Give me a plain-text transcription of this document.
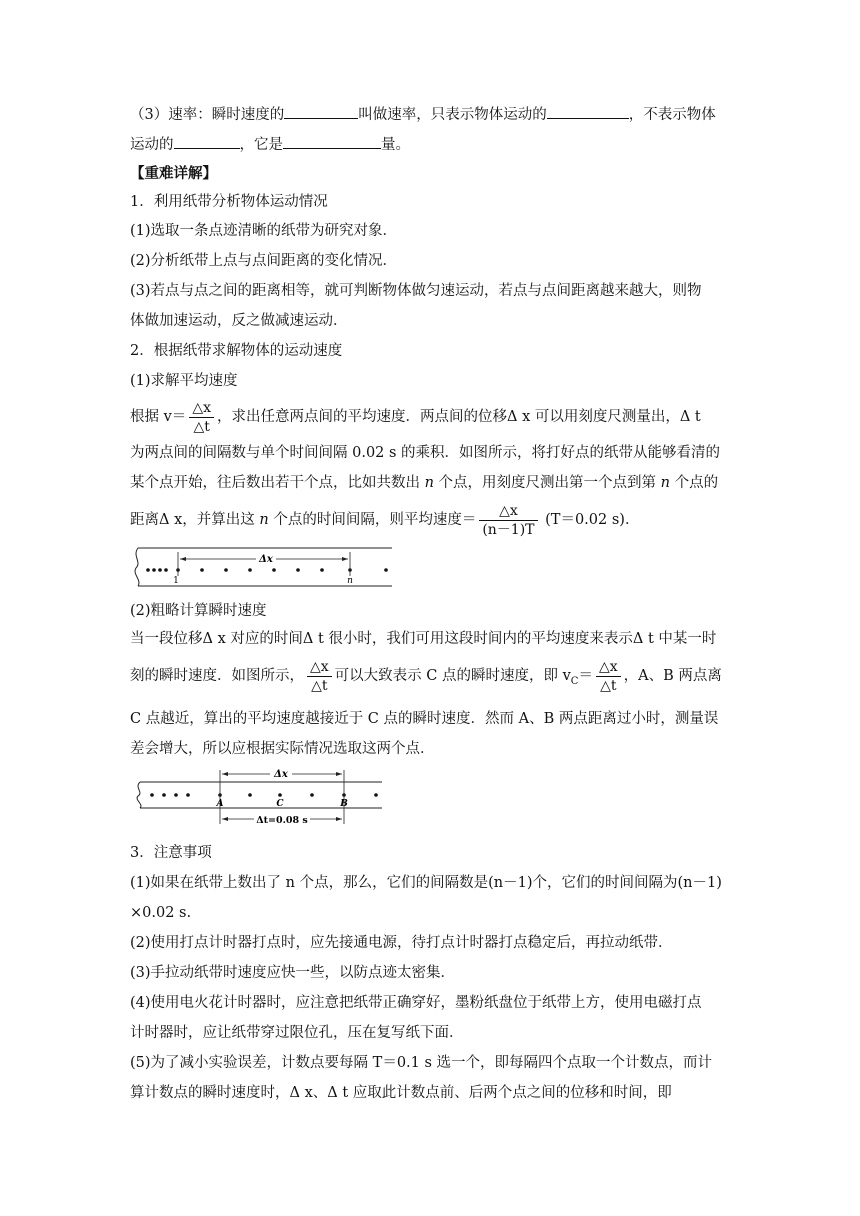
（3）速率：瞬时速度的	叫做速率，只表示物体运动的	，不表示物体

运动的	，它是	量。

【重难详解】

1．利用纸带分析物体运动情况

(1)选取一条点迹清晰的纸带为研究对象．

(2)分析纸带上点与点间距离的变化情况．

(3)若点与点之间的距离相等，就可判断物体做匀速运动，若点与点间距离越来越大，则物

体做加速运动，反之做减速运动．

2．根据纸带求解物体的运动速度

(1)求解平均速度

根据 $v= \frac{\triangle x}{\triangle t}$ ，求出任意两点间的平均速度．两点间的位移Δ x 可以用刻度尺测量出，Δ t

为两点间的间隔数与单个时间间隔 0.02 s 的乘积．如图所示，将打好点的纸带从能够看清的

某个点开始，往后数出若干个点，比如共数出 n 个点，用刻度尺测出第一个点到第 n 个点的

距离Δ x，并算出这 n 个点的时间间隔，则平均速度＝ $\frac{\triangle x}{(n-1)T} (T=0.02$ s)．

Δx
1	n

(2)粗略计算瞬时速度

当一段位移Δ x 对应的时间Δ t 很小时，我们可用这段时间内的平均速度来表示Δ t 中某一时

刻的瞬时速度．如图所示， $\frac{\triangle x}{\triangle t}$ 可以大致表示 C 点的瞬时速度，即 $v_C= \frac{\triangle x}{\triangle t}$ ，A、B 两点离

C 点越近，算出的平均速度越接近于 C 点的瞬时速度．然而 A、B 两点距离过小时，测量误

差会增大，所以应根据实际情况选取这两个点．

Δx
A	C	B
Δt=0.08 s

3．注意事项

(1)如果在纸带上数出了 n 个点，那么，它们的间隔数是(n－1)个，它们的时间间隔为(n－1)

×0.02 s.

(2)使用打点计时器打点时，应先接通电源，待打点计时器打点稳定后，再拉动纸带．

(3)手拉动纸带时速度应快一些，以防点迹太密集．

(4)使用电火花计时器时，应注意把纸带正确穿好，墨粉纸盘位于纸带上方，使用电磁打点

计时器时，应让纸带穿过限位孔，压在复写纸下面．

(5)为了减小实验误差，计数点要每隔 T＝0.1 s 选一个，即每隔四个点取一个计数点，而计

算计数点的瞬时速度时，Δ x、Δ t 应取此计数点前、后两个点之间的位移和时间，即
